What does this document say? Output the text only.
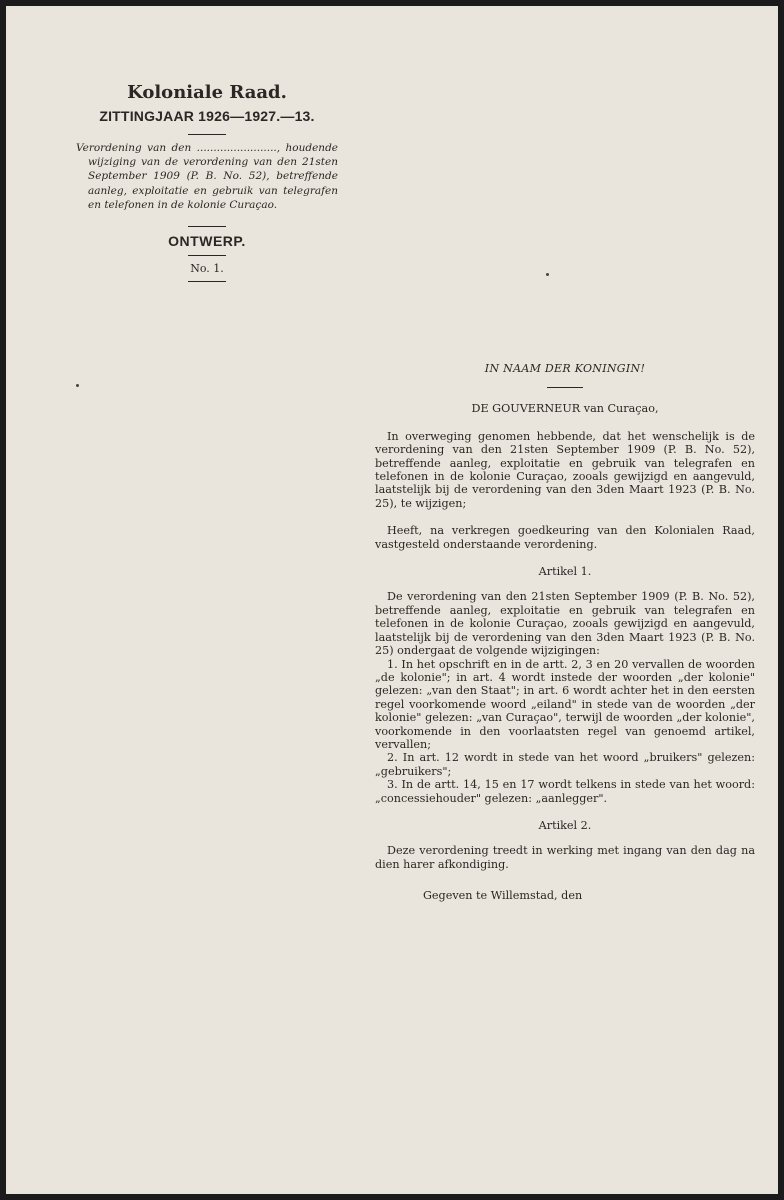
Koloniale Raad.
ZITTINGJAAR 1926—1927.—13.

Verordening van den ........................, houdende wijziging van de verordening van den 21sten September 1909 (P. B. No. 52), betreffende aanleg, exploitatie en gebruik van telegrafen en telefonen in de kolonie Curaçao.

ONTWERP.
No. 1.

IN NAAM DER KONINGIN!

DE GOUVERNEUR van Curaçao,

In overweging genomen hebbende, dat het wenschelijk is de verordening van den 21sten September 1909 (P. B. No. 52), betreffende aanleg, exploitatie en gebruik van telegrafen en telefonen in de kolonie Curaçao, zooals gewijzigd en aangevuld, laatstelijk bij de verordening van den 3den Maart 1923 (P. B. No. 25), te wijzigen;

Heeft, na verkregen goedkeuring van den Kolonialen Raad, vastgesteld onderstaande verordening.

Artikel 1.

De verordening van den 21sten September 1909 (P. B. No. 52), betreffende aanleg, exploitatie en gebruik van telegrafen en telefonen in de kolonie Curaçao, zooals gewijzigd en aangevuld, laatstelijk bij de verordening van den 3den Maart 1923 (P. B. No. 25) ondergaat de volgende wijzigingen:

1. In het opschrift en in de artt. 2, 3 en 20 vervallen de woorden „de kolonie"; in art. 4 wordt instede der woorden „der kolonie" gelezen: „van den Staat"; in art. 6 wordt achter het in den eersten regel voorkomende woord „eiland" in stede van de woorden „der kolonie" gelezen: „van Curaçao", terwijl de woorden „der kolonie", voorkomende in den voorlaatsten regel van genoemd artikel, vervallen;

2. In art. 12 wordt in stede van het woord „bruikers" gelezen: „gebruikers";

3. In de artt. 14, 15 en 17 wordt telkens in stede van het woord: „concessiehouder" gelezen: „aanlegger".

Artikel 2.

Deze verordening treedt in werking met ingang van den dag na dien harer afkondiging.

Gegeven te Willemstad, den
